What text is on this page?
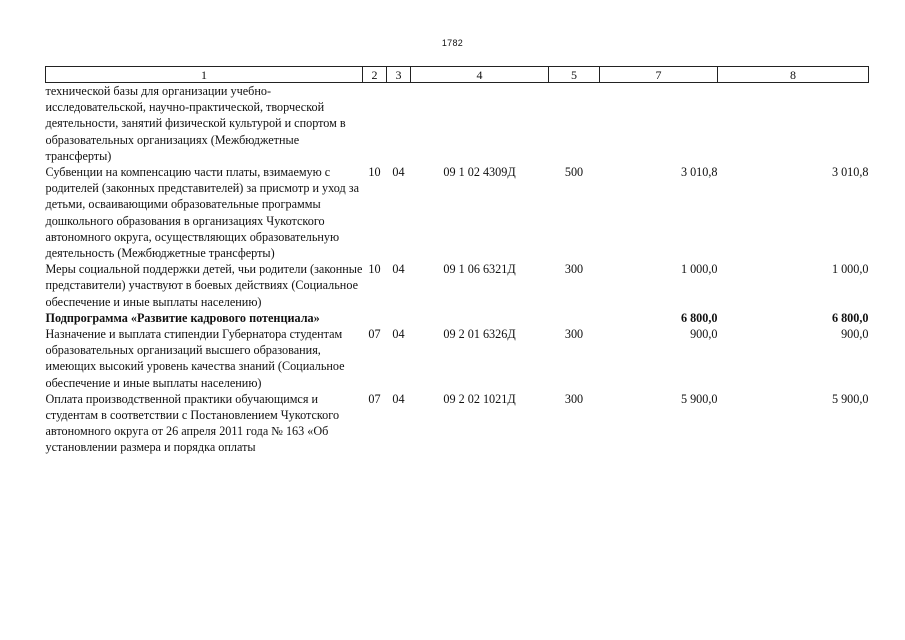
1782
1	2	3	4	5	7	8
технической базы для организации учебно-исследовательской, научно-практической, творческой деятельности, занятий физической культурой и спортом в образовательных организациях (Межбюджетные трансферты)						
Субвенции на компенсацию части платы, взимаемую с родителей (законных представителей) за присмотр и уход за детьми, осваивающими образовательные программы дошкольного образования в организациях Чукотского автономного округа, осуществляющих образовательную деятельность (Межбюджетные трансферты)	10	04	09 1 02 4309Д	500	3 010,8	3 010,8
Меры социальной поддержки детей, чьи родители (законные представители) участвуют в боевых действиях (Социальное обеспечение и иные выплаты населению)	10	04	09 1 06 6321Д	300	1 000,0	1 000,0
Подпрограмма «Развитие кадрового потенциала»					6 800,0	6 800,0
Назначение и выплата стипендии Губернатора студентам образовательных организаций высшего образования, имеющих высокий уровень качества знаний (Социальное обеспечение и иные выплаты населению)	07	04	09 2 01 6326Д	300	900,0	900,0
Оплата производственной практики обучающимся и студентам в соответствии с Постановлением Чукотского автономного округа от 26 апреля 2011 года № 163 «Об установлении размера и порядка оплаты	07	04	09 2 02 1021Д	300	5 900,0	5 900,0
